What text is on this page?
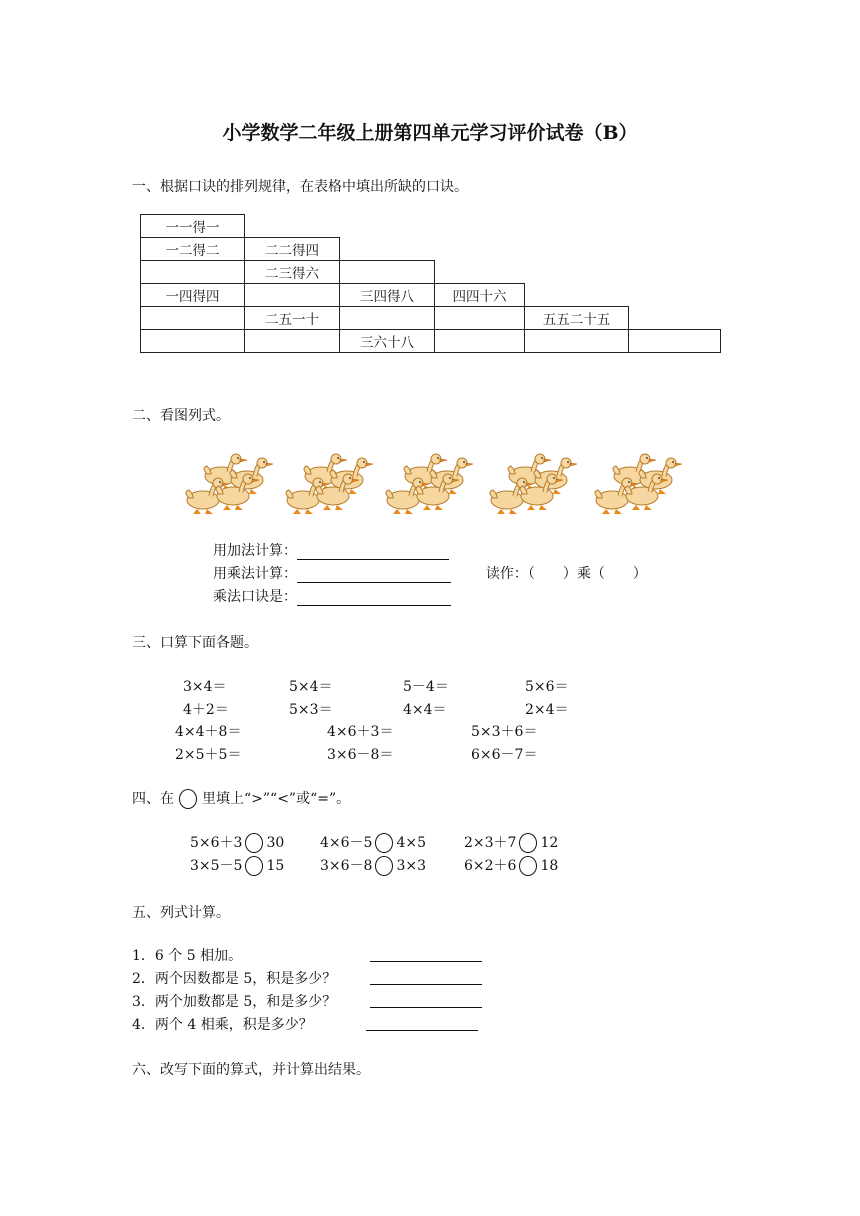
小学数学二年级上册第四单元学习评价试卷（B）
一、根据口诀的排列规律，在表格中填出所缺的口诀。
一一得一					
一二得二	二二得四				
	二三得六				
一四得四		三四得八	四四十六		
	二五一十			五五二十五	
		三六十八			
二、看图列式。
用加法计算：
用乘法计算：	读作：（　　）乘（　　）
乘法口诀是：
三、口算下面各题。
3×4＝	5×4＝	5－4＝	5×6＝
4＋2＝	5×3＝	4×4＝	2×4＝
4×4＋8＝	4×6＋3＝	5×3＋6＝
2×5＋5＝	3×6－8＝	6×6－7＝
四、在 里填上“>”“<”或“=”。
5×6＋3 30	4×6－5 4×5	2×3＋7 12
3×5－5 15	3×6－8 3×3	6×2＋6 18
五、列式计算。
1．6 个 5 相加。
2．两个因数都是 5，积是多少？
3．两个加数都是 5，和是多少？
4．两个 4 相乘，积是多少？
六、改写下面的算式，并计算出结果。
